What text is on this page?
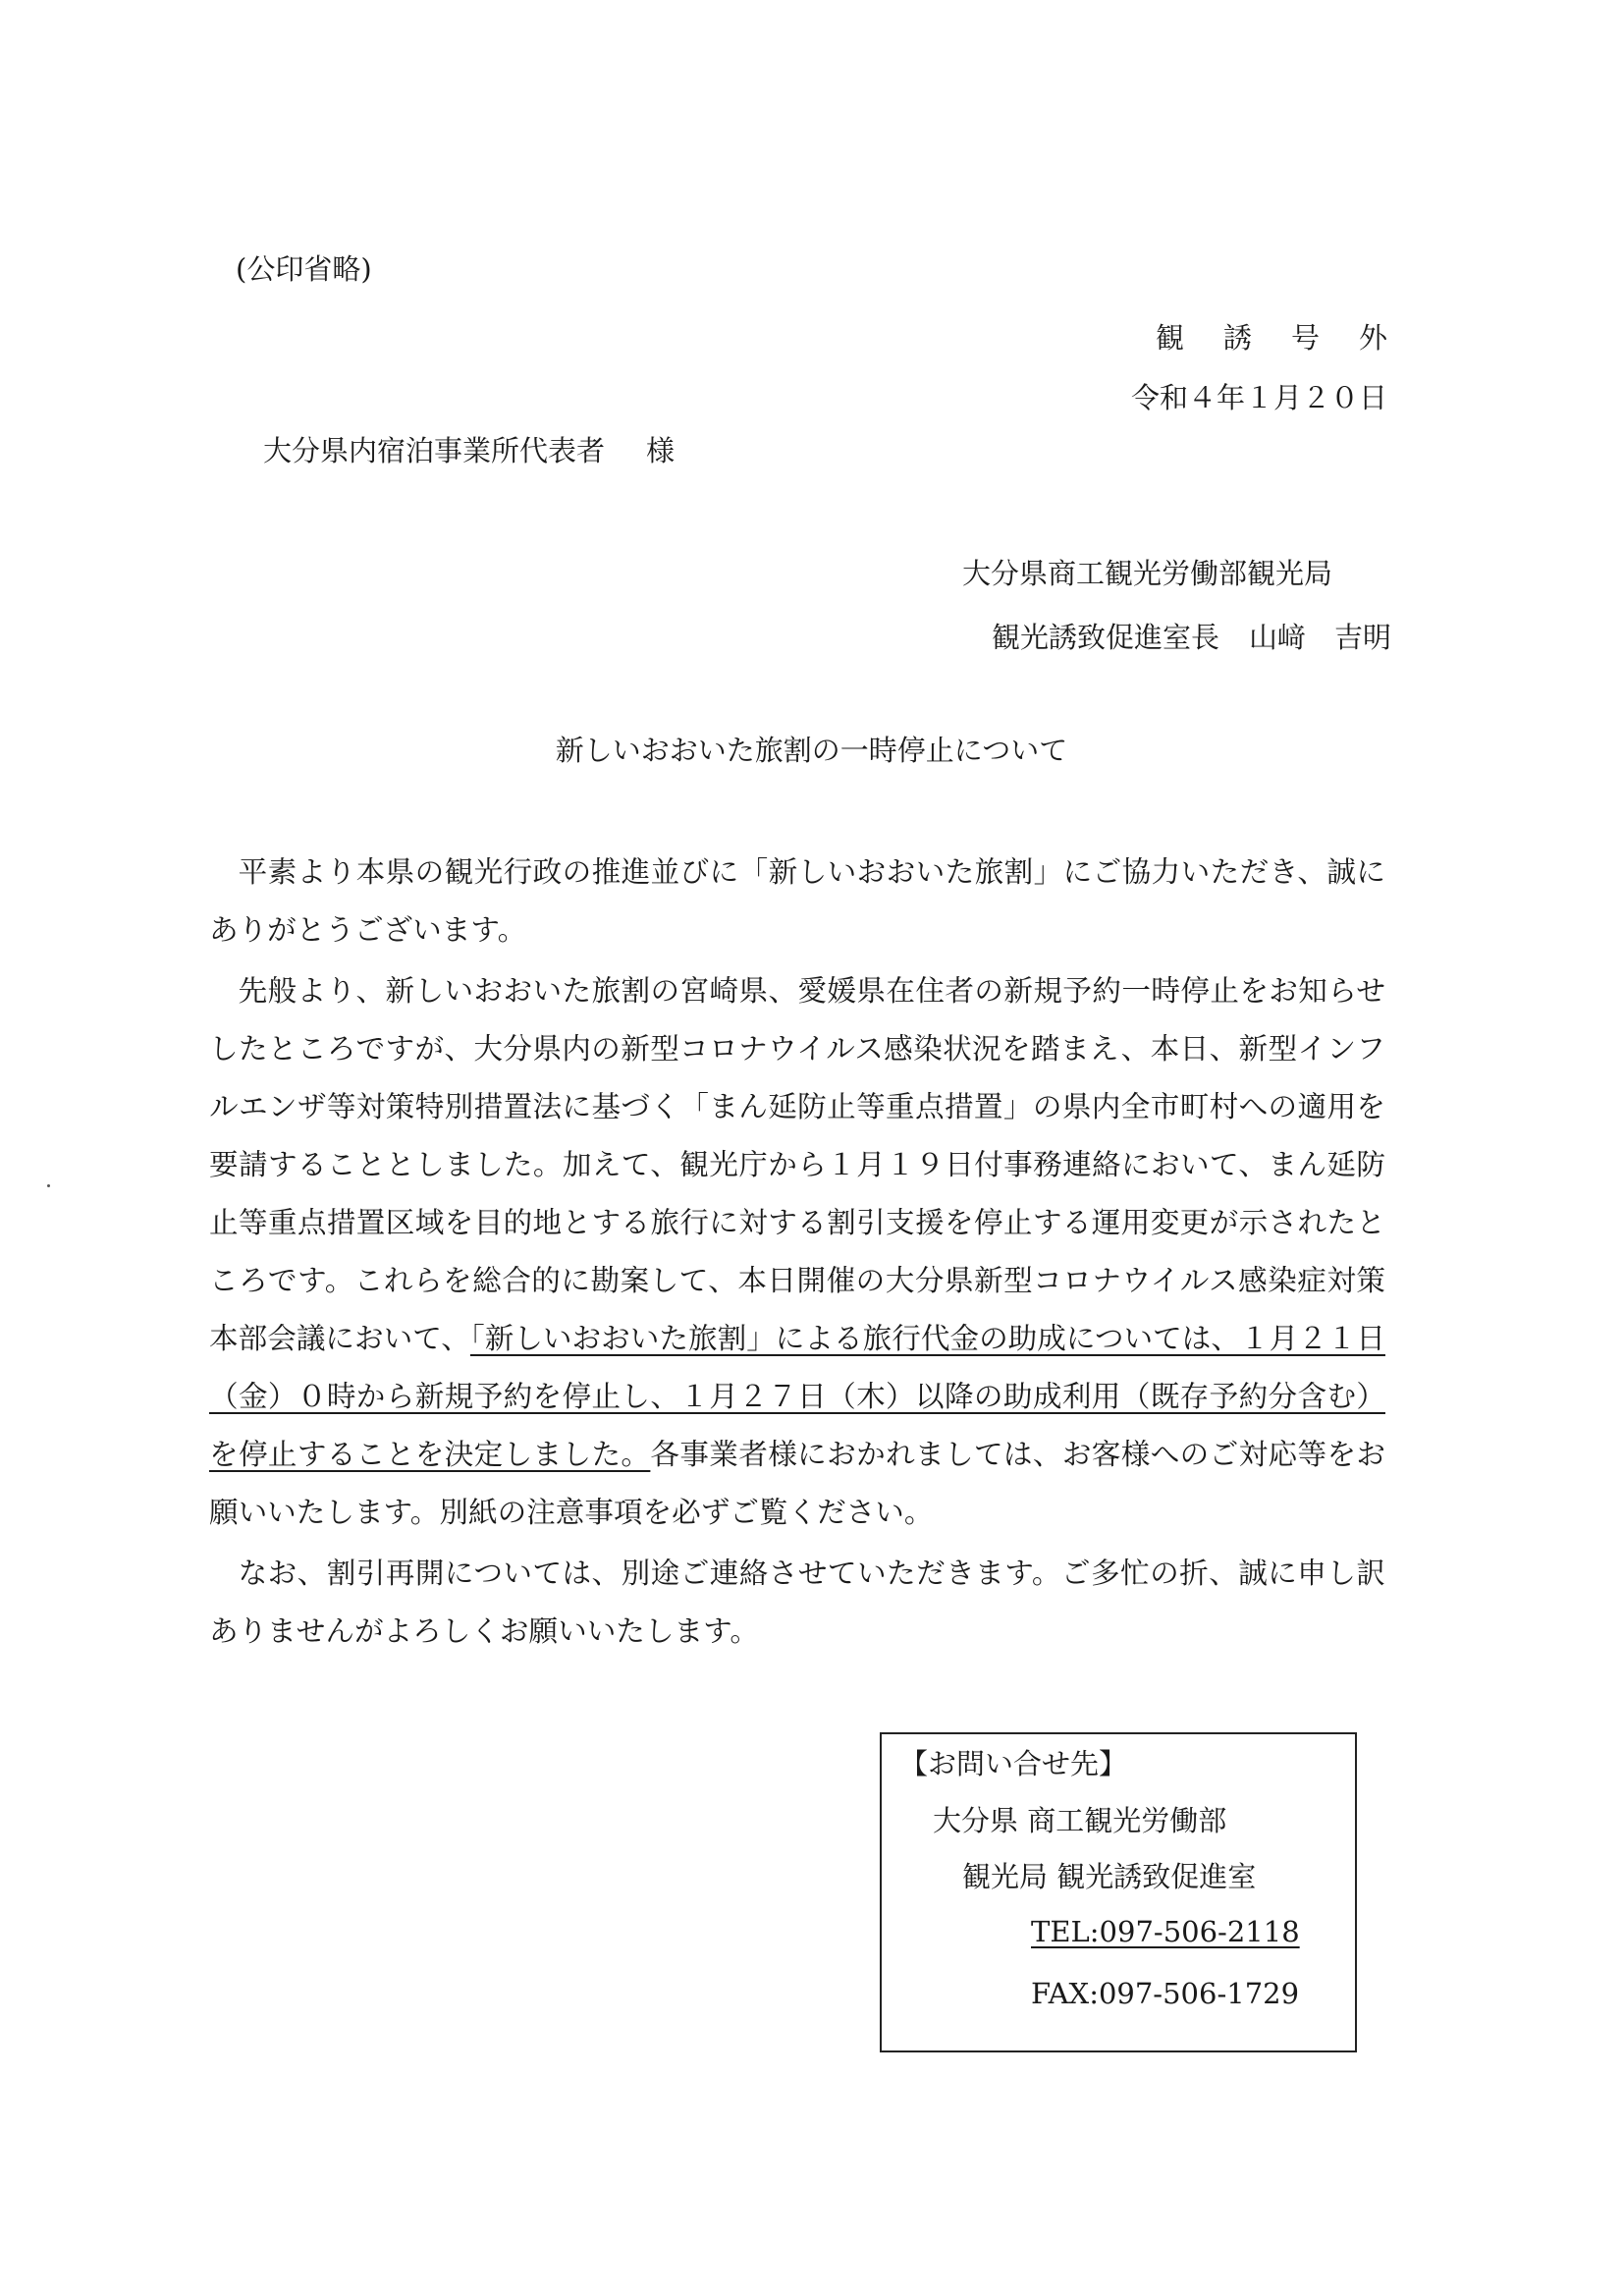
(公印省略)
観誘号外
令和４年１月２０日
大分県内宿泊事業所代表者 様
大分県商工観光労働部観光局
観光誘致促進室長 山﨑　吉明
新しいおおいた旅割の一時停止について

平素より本県の観光行政の推進並びに「新しいおおいた旅割」にご協力いただき、誠にありがとうございます。

先般より、新しいおおいた旅割の宮崎県、愛媛県在住者の新規予約一時停止をお知らせしたところですが、大分県内の新型コロナウイルス感染状況を踏まえ、本日、新型インフルエンザ等対策特別措置法に基づく「まん延防止等重点措置」の県内全市町村への適用を要請することとしました。加えて、観光庁から１月１９日付事務連絡において、まん延防止等重点措置区域を目的地とする旅行に対する割引支援を停止する運用変更が示されたところです。これらを総合的に勘案して、本日開催の大分県新型コロナウイルス感染症対策本部会議において、「新しいおおいた旅割」による旅行代金の助成については、１月２１日（金）０時から新規予約を停止し、１月２７日（木）以降の助成利用（既存予約分含む）を停止することを決定しました。各事業者様におかれましては、お客様へのご対応等をお願いいたします。別紙の注意事項を必ずご覧ください。

なお、割引再開については、別途ご連絡させていただきます。ご多忙の折、誠に申し訳ありませんがよろしくお願いいたします。

【お問い合せ先】
大分県 商工観光労働部
観光局 観光誘致促進室
TEL:097-506-2118
FAX:097-506-1729
